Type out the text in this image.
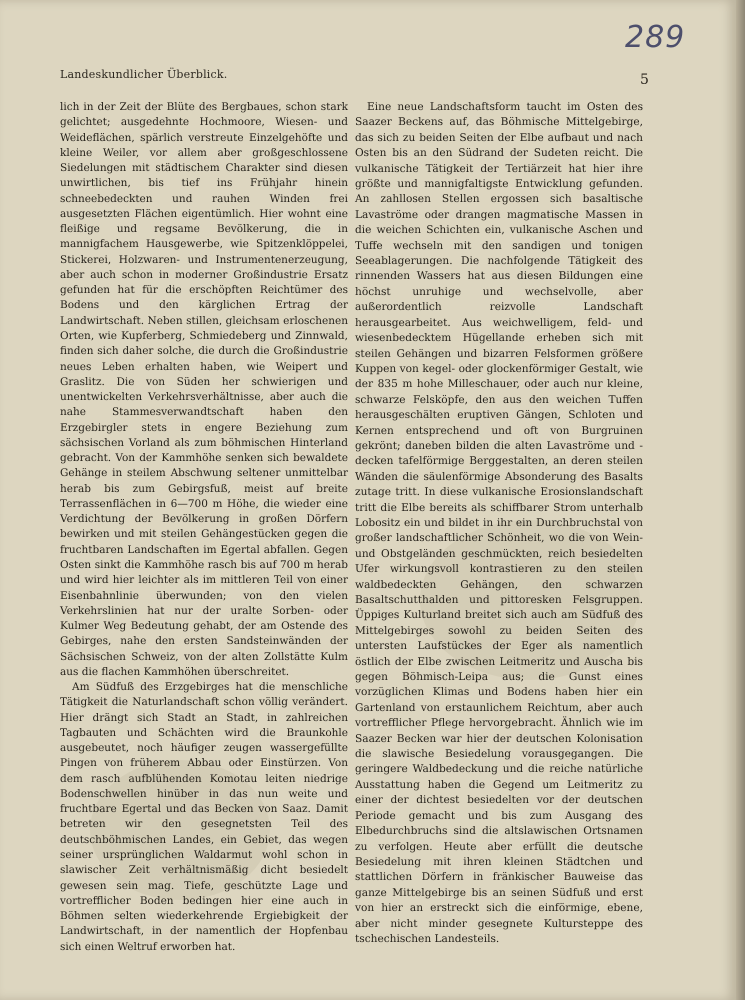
289
Landeskundlicher Überblick.	5

lich in der Zeit der Blüte des Bergbaues, schon stark gelichtet; ausgedehnte Hochmoore, Wiesen- und Weideflächen, spärlich verstreute Einzelgehöfte und kleine Weiler, vor allem aber großgeschlossene Siedelungen mit städtischem Charakter sind diesen unwirtlichen, bis tief ins Frühjahr hinein schneebedeckten und rauhen Winden frei ausgesetzten Flächen eigentümlich. Hier wohnt eine fleißige und regsame Bevölkerung, die in mannigfachem Hausgewerbe, wie Spitzenklöppelei, Stickerei, Holzwaren- und Instrumentenerzeugung, aber auch schon in moderner Großindustrie Ersatz gefunden hat für die erschöpften Reichtümer des Bodens und den kärglichen Ertrag der Landwirtschaft. Neben stillen, gleichsam erloschenen Orten, wie Kupferberg, Schmiedeberg und Zinnwald, finden sich daher solche, die durch die Großindustrie neues Leben erhalten haben, wie Weipert und Graslitz. Die von Süden her schwierigen und unentwickelten Verkehrsverhältnisse, aber auch die nahe Stammesverwandtschaft haben den Erzgebirgler stets in engere Beziehung zum sächsischen Vorland als zum böhmischen Hinterland gebracht. Von der Kammhöhe senken sich bewaldete Gehänge in steilem Abschwung seltener unmittelbar herab bis zum Gebirgsfuß, meist auf breite Terrassenflächen in 6—700 m Höhe, die wieder eine Verdichtung der Bevölkerung in großen Dörfern bewirken und mit steilen Gehängestücken gegen die fruchtbaren Landschaften im Egertal abfallen. Gegen Osten sinkt die Kammhöhe rasch bis auf 700 m herab und wird hier leichter als im mittleren Teil von einer Eisenbahnlinie überwunden; von den vielen Verkehrslinien hat nur der uralte Sorben- oder Kulmer Weg Bedeutung gehabt, der am Ostende des Gebirges, nahe den ersten Sandsteinwänden der Sächsischen Schweiz, von der alten Zollstätte Kulm aus die flachen Kammhöhen überschreitet.

Am Südfuß des Erzgebirges hat die menschliche Tätigkeit die Naturlandschaft schon völlig verändert. Hier drängt sich Stadt an Stadt, in zahlreichen Tagbauten und Schächten wird die Braunkohle ausgebeutet, noch häufiger zeugen wassergefüllte Pingen von früherem Abbau oder Einstürzen. Von dem rasch aufblühenden Komotau leiten niedrige Bodenschwellen hinüber in das nun weite und fruchtbare Egertal und das Becken von Saaz. Damit betreten wir den gesegnetsten Teil des deutschböhmischen Landes, ein Gebiet, das wegen seiner ursprünglichen Waldarmut wohl schon in slawischer Zeit verhältnismäßig dicht besiedelt gewesen sein mag. Tiefe, geschützte Lage und vortrefflicher Boden bedingen hier eine auch in Böhmen selten wiederkehrende Ergiebigkeit der Landwirtschaft, in der namentlich der Hopfenbau sich einen Weltruf erworben hat.

Eine neue Landschaftsform taucht im Osten des Saazer Beckens auf, das Böhmische Mittelgebirge, das sich zu beiden Seiten der Elbe aufbaut und nach Osten bis an den Südrand der Sudeten reicht. Die vulkanische Tätigkeit der Tertiärzeit hat hier ihre größte und mannigfaltigste Entwicklung gefunden. An zahllosen Stellen ergossen sich basaltische Lavaströme oder drangen magmatische Massen in die weichen Schichten ein, vulkanische Aschen und Tuffe wechseln mit den sandigen und tonigen Seeablagerungen. Die nachfolgende Tätigkeit des rinnenden Wassers hat aus diesen Bildungen eine höchst unruhige und wechselvolle, aber außerordentlich reizvolle Landschaft herausgearbeitet. Aus weichwelligem, feld- und wiesenbedecktem Hügellande erheben sich mit steilen Gehängen und bizarren Felsformen größere Kuppen von kegel- oder glockenförmiger Gestalt, wie der 835 m hohe Milleschauer, oder auch nur kleine, schwarze Felsköpfe, den aus den weichen Tuffen herausgeschälten eruptiven Gängen, Schloten und Kernen entsprechend und oft von Burgruinen gekrönt; daneben bilden die alten Lavaströme und -decken tafelförmige Berggestalten, an deren steilen Wänden die säulenförmige Absonderung des Basalts zutage tritt. In diese vulkanische Erosionslandschaft tritt die Elbe bereits als schiffbarer Strom unterhalb Lobositz ein und bildet in ihr ein Durchbruchstal von großer landschaftlicher Schönheit, wo die von Wein- und Obstgeländen geschmückten, reich besiedelten Ufer wirkungsvoll kontrastieren zu den steilen waldbedeckten Gehängen, den schwarzen Basaltschutthalden und pittoresken Felsgruppen. Üppiges Kulturland breitet sich auch am Südfuß des Mittelgebirges sowohl zu beiden Seiten des untersten Laufstückes der Eger als namentlich östlich der Elbe zwischen Leitmeritz und Auscha bis gegen Böhmisch-Leipa aus; die Gunst eines vorzüglichen Klimas und Bodens haben hier ein Gartenland von erstaunlichem Reichtum, aber auch vortrefflicher Pflege hervorgebracht. Ähnlich wie im Saazer Becken war hier der deutschen Kolonisation die slawische Besiedelung vorausgegangen. Die geringere Waldbedeckung und die reiche natürliche Ausstattung haben die Gegend um Leitmeritz zu einer der dichtest besiedelten vor der deutschen Periode gemacht und bis zum Ausgang des Elbedurchbruchs sind die altslawischen Ortsnamen zu verfolgen. Heute aber erfüllt die deutsche Besiedelung mit ihren kleinen Städtchen und stattlichen Dörfern in fränkischer Bauweise das ganze Mittelgebirge bis an seinen Südfuß und erst von hier an erstreckt sich die einförmige, ebene, aber nicht minder gesegnete Kultursteppe des tschechischen Landesteils.
